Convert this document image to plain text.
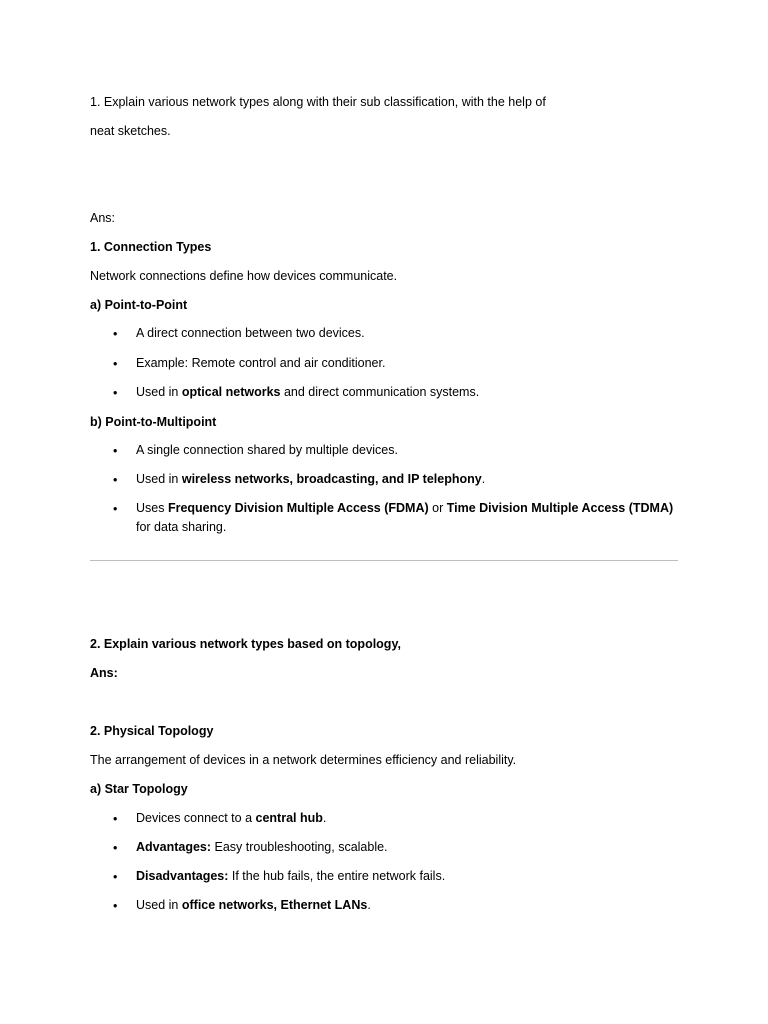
1. Explain various network types along with their sub classification, with the help of
neat sketches.
Ans:
1. Connection Types
Network connections define how devices communicate.
a) Point-to-Point
• A direct connection between two devices.
• Example: Remote control and air conditioner.
• Used in optical networks and direct communication systems.
b) Point-to-Multipoint
• A single connection shared by multiple devices.
• Used in wireless networks, broadcasting, and IP telephony.
• Uses Frequency Division Multiple Access (FDMA) or Time Division Multiple Access (TDMA) for data sharing.
2. Explain various network types based on topology,
Ans:
2. Physical Topology
The arrangement of devices in a network determines efficiency and reliability.
a) Star Topology
• Devices connect to a central hub.
• Advantages: Easy troubleshooting, scalable.
• Disadvantages: If the hub fails, the entire network fails.
• Used in office networks, Ethernet LANs.
